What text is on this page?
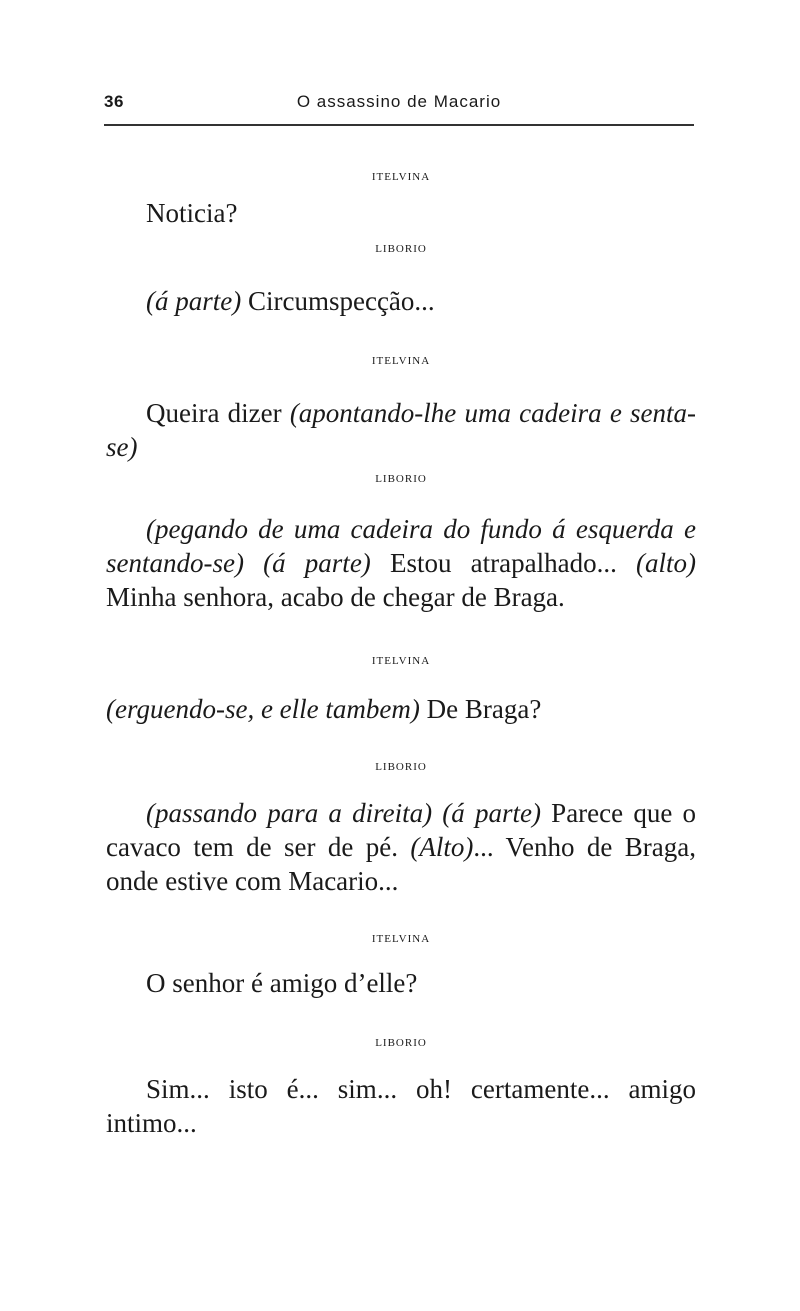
36	O assassino de Macario
itelvina

Noticia?

liborio

(á parte) Circumspecção...

itelvina

Queira dizer (apontando-lhe uma cadeira e senta-se)

liborio

(pegando de uma cadeira do fundo á esquerda e sentando-se) (á parte) Estou atrapalhado... (alto) Minha senhora, acabo de chegar de Braga.

itelvina

(erguendo-se, e elle tambem) De Braga?

liborio

(passando para a direita) (á parte) Parece que o cavaco tem de ser de pé. (Alto)... Venho de Braga, onde estive com Macario...

itelvina

O senhor é amigo d’elle?

liborio

Sim... isto é... sim... oh! certamente... amigo intimo...
